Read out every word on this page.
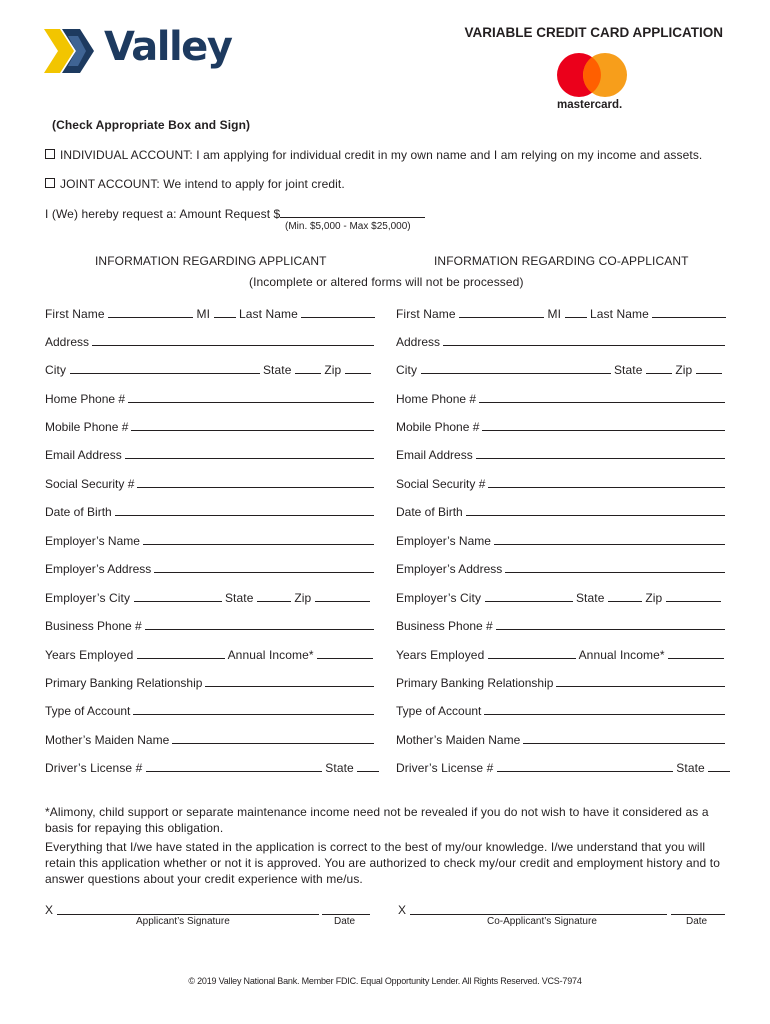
Valley	VARIABLE CREDIT CARD APPLICATION
mastercard.
(Check Appropriate Box and Sign)
INDIVIDUAL ACCOUNT: I am applying for individual credit in my own name and I am relying on my income and assets.
JOINT ACCOUNT: We intend to apply for joint credit.
I (We) hereby request a: Amount Request $
(Min. $5,000 - Max $25,000)
INFORMATION REGARDING APPLICANT	INFORMATION REGARDING CO-APPLICANT
(Incomplete or altered forms will not be processed)
First Name	MI Last Name
Address
City	State	Zip
Home Phone #
Mobile Phone #
Email Address
Social Security #
Date of Birth
Employer’s Name
Employer’s Address
Employer’s City	State	Zip
Business Phone #
Years Employed	Annual Income*
Primary Banking Relationship
Type of Account
Mother’s Maiden Name
Driver’s License #	State
First Name	MI Last Name
Address
City	State	Zip
Home Phone #
Mobile Phone #
Email Address
Social Security #
Date of Birth
Employer’s Name
Employer’s Address
Employer’s City	State	Zip
Business Phone #
Years Employed	Annual Income*
Primary Banking Relationship
Type of Account
Mother’s Maiden Name
Driver’s License #	State
*Alimony, child support or separate maintenance income need not be revealed if you do not wish to have it considered as a basis for repaying this obligation.
Everything that I/we have stated in the application is correct to the best of my/our knowledge. I/we understand that you will retain this application whether or not it is approved. You are authorized to check my/our credit and employment history and to answer questions about your credit experience with me/us.
X
Applicant’s Signature	Date
X
Co-Applicant’s Signature	Date
© 2019 Valley National Bank. Member FDIC. Equal Opportunity Lender. All Rights Reserved. VCS-7974
